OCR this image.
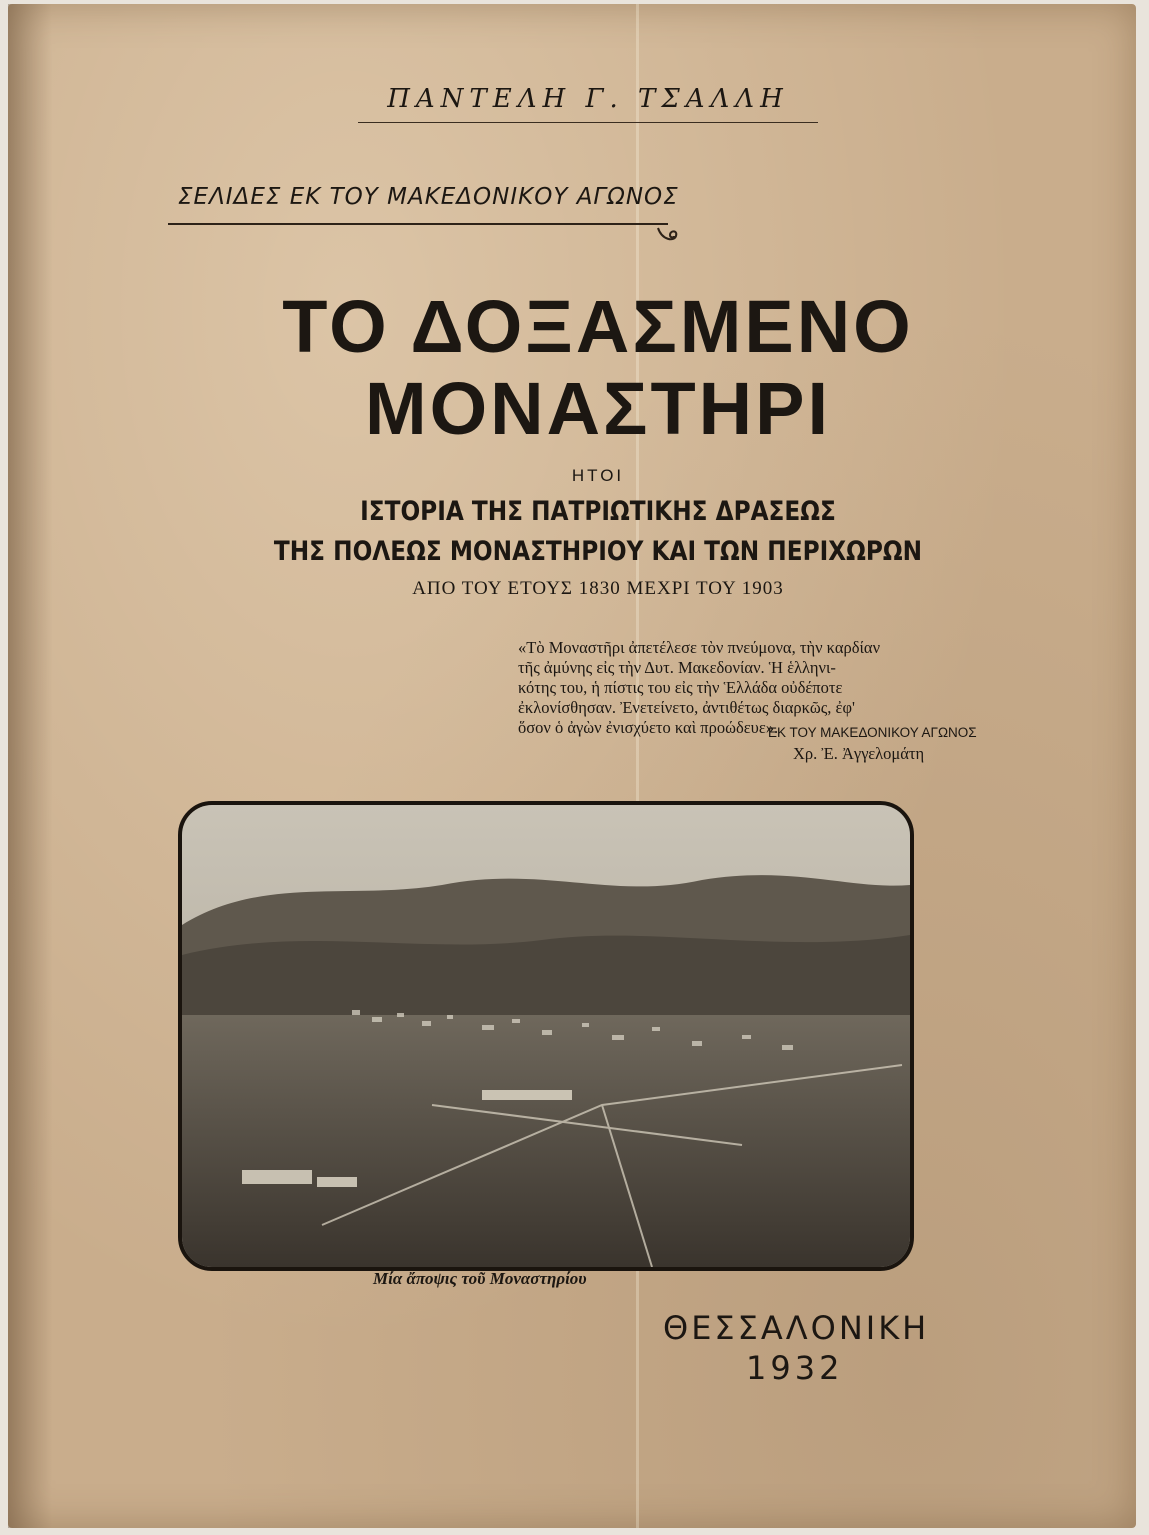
ΠΑΝΤΕΛΗ Γ. ΤΣΑΛΛΗ

ΣΕΛΙΔΕΣ ΕΚ ΤΟΥ ΜΑΚΕΔΟΝΙΚΟΥ ΑΓΩΝΟΣ

ΤΟ ΔΟΞΑΣΜΕΝΟ
ΜΟΝΑΣΤΗΡΙ

ΗΤΟΙ

ΙΣΤΟΡΙΑ ΤΗΣ ΠΑΤΡΙΩΤΙΚΗΣ ΔΡΑΣΕΩΣ

ΤΗΣ ΠΟΛΕΩΣ ΜΟΝΑΣΤΗΡΙΟΥ ΚΑΙ ΤΩΝ ΠΕΡΙΧΩΡΩΝ

ΑΠΟ ΤΟΥ ΕΤΟΥΣ 1830 ΜΕΧΡΙ ΤΟΥ 1903

«Τὸ Μοναστῆρι ἀπετέλεσε τὸν πνεύμονα, τὴν καρδίαν
τῆς ἀμύνης εἰς τὴν Δυτ. Μακεδονίαν. Ἡ ἑλληνι-
κότης του, ἡ πίστις του εἰς τὴν Ἑλλάδα οὐδέποτε
ἐκλονίσθησαν. Ἐνετείνετο, ἀντιθέτως διαρκῶς, ἐφ'
ὅσον ὁ ἀγὼν ἐνισχύετο καὶ προώδευε».

ΕΚ ΤΟΥ ΜΑΚΕΔΟΝΙΚΟΥ ΑΓΩΝΟΣ

Χρ. Ἐ. Ἀγγελομάτη

Μία ἄποψις τοῦ Μοναστηρίου

ΘΕΣΣΑΛΟΝΙΚΗ

1932
